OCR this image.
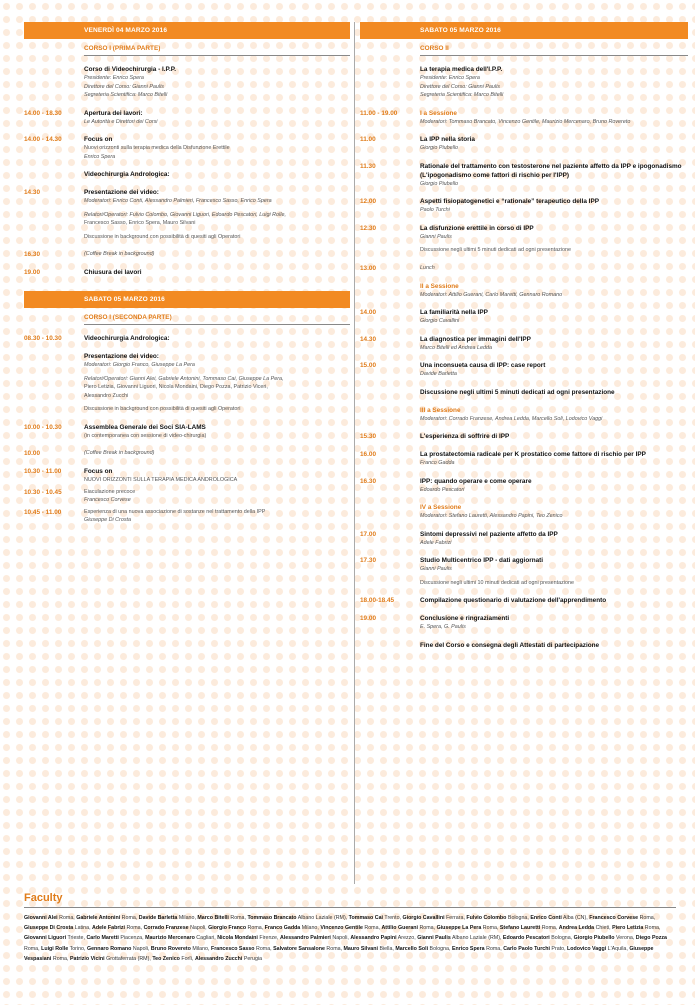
VENERDÌ 04 MARZO 2016
CORSO I (PRIMA PARTE)
Corso di Videochirurgia - I.P.P.
Presidente: Enrico Spera
Direttore del Corso: Gianni Paulis
Segreteria Scientifica: Marco Bitelli
14.00 - 18.30	Apertura dei lavori:
Le Autorità e Direttori dei Corsi
14.00 - 14.30	Focus on
Nuovi orizzonti sulla terapia medica della Disfunzione Erettile
Enrico Spera
Videochirurgia Andrologica:
14.30	Presentazione dei video:
Moderatori: Enrico Conti, Alessandro Palmieri, Francesco Sasso, Enrico Spera
Relatori/Operatori: Fulvio Colombo, Giovanni Liguori, Edoardo Pescatori, Luigi Rolle,
Francesco Sasso, Enrico Spera, Mauro Silvani
Discussione in background con possibilità di quesiti agli Operatori
16.30	(Coffee Break in background)
19.00	Chiusura dei lavori
SABATO 05 MARZO 2016
CORSO I (SECONDA PARTE)
08.30 - 10.30	Videochirurgia Andrologica:
Presentazione dei video:
Moderatori: Giorgio Franco, Giuseppe La Pera
Relatori/Operatori: Gianni Alei, Gabriele Antonini, Tommaso Cai, Giuseppe La Pera,
Piero Letizia, Giovanni Liguori, Nicola Mondaini, Diego Pozza, Patrizio Viceri,
Alessandro Zucchi
Discussione in background con possibilità di quesiti agli Operatori
10.00 - 10.30	Assemblea Generale dei Soci SIA-LAMS
(in contemporanea con sessione di video-chirurgia)
10.00	(Coffee Break in background)
10.30 - 11.00	Focus on
NUOVI ORIZZONTI SULLA TERAPIA MEDICA ANDROLOGICA
10.30 - 10.45	Eiaculazione precoce
Francesco Corvese
10.45 - 11.00	Esperienza di una nuova associazione di sostanze nel trattamento della IPP
Giuseppe Di Crosta
SABATO 05 MARZO 2016
CORSO II
La terapia medica dell'I.P.P.
Presidente: Enrico Spera
Direttore del Corso: Gianni Paulis
Segreteria Scientifica: Marco Bitelli
11.00 - 19.00	I a Sessione
Moderatori: Tommaso Brancato, Vincenzo Gentile, Maurizio Mercenaro, Bruno Rovereto
11.00	La IPP nella storia
Giorgio Piubello
11.30	Rationale del trattamento con testosterone nel paziente affetto da IPP e ipogonadismo (L'ipogonadismo come fattori di rischio per l'IPP)
Giorgio Piubello
12.00	Aspetti fisiopatogenetici e “rationale” terapeutico della IPP
Paolo Turchi
12.30	La disfunzione erettile in corso di IPP
Gianni Paulis
Discussione negli ultimi 5 minuti dedicati ad ogni presentazione
13.00	Lunch
II a Sessione
Moderatori: Attilio Guerani, Carlo Maretti, Gennaro Romano
14.00	La familiarità nella IPP
Giorgio Cavallini
14.30	La diagnostica per immagini dell'IPP
Marco Bitelli ed Andrea Ledda
15.00	Una inconsueta causa di IPP: case report
Davide Barletta
Discussione negli ultimi 5 minuti dedicati ad ogni presentazione
III a Sessione
Moderatori: Corrado Franzese, Andrea Ledda, Marcello Soli, Lodovico Vaggi
15.30	L'esperienza di soffrire di IPP
16.00	La prostatectomia radicale per K prostatico come fattore di rischio per IPP
Franco Gadda
16.30	IPP: quando operare e come operare
Edoardo Pescatori
IV a Sessione
Moderatori: Stefano Lauretti, Alessandro Papini, Teo Zenico
17.00	Sintomi depressivi nel paziente affetto da IPP
Adele Fabrizi
17.30	Studio Multicentrico IPP - dati aggiornati
Gianni Paulis
Discussione negli ultimi 10 minuti dedicati ad ogni presentazione
18.00-18.45	Compilazione questionario di valutazione dell'apprendimento
19.00	Conclusione e ringraziamenti
E. Spera, G. Paulis
Fine del Corso e consegna degli Attestati di partecipazione
Faculty
Giovanni Alei Roma, Gabriele Antonini Roma, Davide Barletta Milano, Marco Bitelli Roma, Tommaso Brancato Albano Laziale (RM), Tommaso Cai Trento, Giorgio Cavallini Ferrara, Fulvio Colombo Bologna, Enrico Conti Alba (CN), Francesco Corvese Roma, Giuseppe Di Crosta Latina, Adele Fabrizi Roma, Corrado Franzese Napoli, Giorgio Franco Roma, Franco Gadda Milano, Vincenzo Gentile Roma, Attilio Guerani Roma, Giuseppe La Pera Roma, Stefano Lauretti Roma, Andrea Ledda Chieti, Piero Letizia Roma, Giovanni Liguori Trieste, Carlo Maretti Piacenza, Maurizio Mercenaro Cagliari, Nicola Mondaini Firenze, Alessandro Palmieri Napoli, Alessandro Papini Arezzo, Gianni Paulis Albano Laziale (RM), Edoardo Pescatori Bologna, Giorgio Piubello Verona, Diego Pozza Roma, Luigi Rolle Torino, Gennaro Romano Napoli, Bruno Rovereto Milano, Francesco Sasso Roma, Salvatore Sansalone Roma, Mauro Silvani Biella, Marcello Soli Bologna, Enrico Spera Roma, Carlo Paolo Turchi Prato, Lodovico Vaggi L'Aquila, Giuseppe Vespasiani Roma, Patrizio Vicini Grottaferrata (RM), Teo Zenico Forlì, Alessandro Zucchi Perugia
